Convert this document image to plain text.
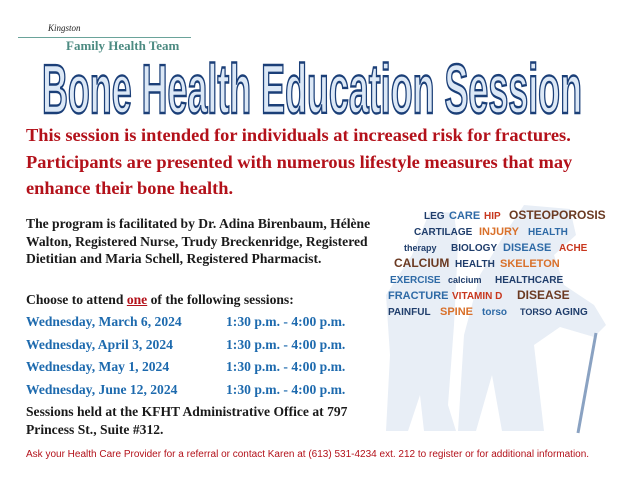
Kingston
Family Health Team
Bone Health Education Session
This session is intended for individuals at increased risk for fractures. Participants are presented with numerous lifestyle measures that may enhance their bone health.
The program is facilitated by Dr. Adina Birenbaum, Hélène Walton, Registered Nurse, Trudy Breckenridge, Registered Dietitian and Maria Schell, Registered Pharmacist.
Choose to attend one of the following sessions:
Wednesday, March 6, 2024	1:30 p.m. - 4:00 p.m.
Wednesday, April 3, 2024	1:30 p.m. - 4:00 p.m.
Wednesday, May 1, 2024	1:30 p.m. - 4:00 p.m.
Wednesday, June 12, 2024	1:30 p.m. - 4:00 p.m.
Sessions held at the KFHT Administrative Office at 797 Princess St., Suite #312.
Ask your Health Care Provider for a referral or contact Karen at (613) 531-4234 ext. 212 to register or for additional information.
LEG CARE HIP OSTEOPOROSIS
CARTILAGE INJURY HEALTH
therapy BIOLOGY DISEASE ACHE
CALCIUM HEALTH SKELETON
EXERCISE calcium HEALTHCARE
FRACTURE VITAMIN D DISEASE
PAINFUL SPINE torso TORSO AGING
